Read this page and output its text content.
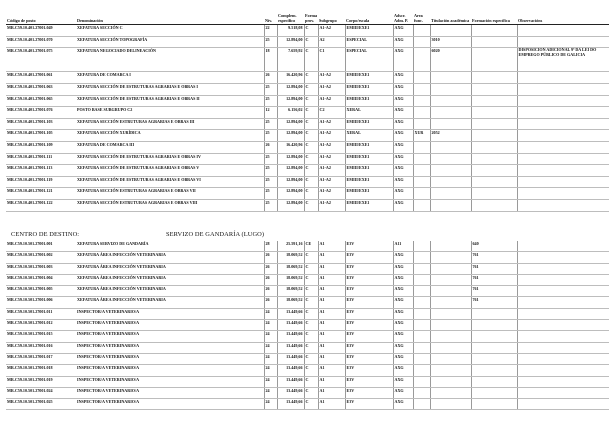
Código de posto	Denominación	Nív.	Complem. específico	Forma prov.	Subgrupo	Corpo/escala	Adscr. Adm. P.	Área func.	Titulación académica	Formación específica	Observacións
MR.C59.10.401.27001.049	XEFATURA SECCIÓN C	22	9.518,08	C	A1-A2	EMIII/EXE1	AXG				
MR.C59.10.401.27001.070	XEFATURA SECCIÓN TOPOGRAFÍA	25	12.894,00	C	A2	ESPECIAL	AXG		3010		
MR.C59.10.401.27001.075	XEFATURA NEGOCIADO DELINEACIÓN	18	7.659,92	C	C1	ESPECIAL	AXG		6020		DISPOSICIÓN ADICIONAL 9ª DA LEI DO EMPREGO PÚBLICO DE GALICIA
MR.C59.10.401.27001.061	XEFATURA DE COMARCA I	26	16.420,96	C	A1-A2	EMIII/EXE1	AXG				
MR.C59.10.401.27001.063	XEFATURA SECCIÓN DE ESTRUTURAS AGRARIAS E OBRAS I	25	12.894,00	C	A1-A2	EMIII/EXE1	AXG				
MR.C59.10.401.27001.065	XEFATURA SECCIÓN DE ESTRUTURAS AGRARIAS E OBRAS II	25	12.894,00	C	A1-A2	EMIII/EXE1	AXG				
MR.C59.10.401.27001.076	POSTO BASE SUBGRUPO C2	12	6.156,02	C	C2	XERAL	AXG				
MR.C59.10.401.27001.103	XEFATURA SECCIÓN ESTRUTURAS AGRARIAS E OBRAS III	25	12.894,00	C	A1-A2	EMIII/EXE1	AXG				
MR.C59.10.401.27001.105	XEFATURA SECCIÓN XURÍDICA	25	12.894,00	C	A1-A2	XERAL	AXG	XUR	2052		
MR.C59.10.401.27001.109	XEFATURA DE COMARCA III	26	16.420,96	C	A1-A2	EMIII/EXE1	AXG				
MR.C59.10.401.27001.111	XEFATURA SECCIÓN DE ESTRUTURAS AGRARIAS E OBRAS IV	25	12.894,00	C	A1-A2	EMIII/EXE1	AXG				
MR.C59.10.401.27001.113	XEFATURA SECCIÓN DE ESTRUTURAS AGRARIAS E OBRAS V	25	12.894,00	C	A1-A2	EMIII/EXE1	AXG				
MR.C59.10.401.27001.119	XEFATURA SECCIÓN DE ESTRUTURAS AGRARIAS E OBRAS VI	25	12.894,00	C	A1-A2	EMIII/EXE1	AXG				
MR.C59.10.401.27001.121	XEFATURA SECCIÓN ESTRUTURAS AGRARIAS E OBRAS VII	25	12.894,00	C	A1-A2	EMIII/EXE1	AXG				
MR.C59.10.401.27001.122	XEFATURA SECCIÓN ESTRUTURAS AGRARIAS E OBRAS VIII	25	12.894,00	C	A1-A2	EMIII/EXE1	AXG				
CENTRO DE DESTINO:	SERVIZO DE GANDARÍA (LUGO)
MR.C59.10.501.27001.001	XEFATURA SERVIZO DE GANDARÍA	28	25.591,16	CE	A1	E3V	A11			640	
MR.C59.10.501.27001.002	XEFATURA ÁREA INFECCIÓN VETERINARIA	26	18.069,52	C	A1	E3V	AXG			761	
MR.C59.10.501.27001.003	XEFATURA ÁREA INFECCIÓN VETERINARIA	26	18.069,52	C	A1	E3V	AXG			761	
MR.C59.10.501.27001.004	XEFATURA ÁREA INFECCIÓN VETERINARIA	26	18.069,52	C	A1	E3V	AXG			761	
MR.C59.10.501.27001.005	XEFATURA ÁREA INFECCIÓN VETERINARIA	26	18.069,52	C	A1	E3V	AXG			761	
MR.C59.10.501.27001.006	XEFATURA ÁREA INFECCIÓN VETERINARIA	26	18.069,52	C	A1	E3V	AXG			761	
MR.C59.10.501.27001.011	INSPECTOR/A VETERINARIO/A	24	13.449,66	C	A1	E3V	AXG				
MR.C59.10.501.27001.012	INSPECTOR/A VETERINARIO/A	24	13.449,66	C	A1	E3V	AXG				
MR.C59.10.501.27001.015	INSPECTOR/A VETERINARIO/A	24	13.449,66	C	A1	E3V	AXG				
MR.C59.10.501.27001.016	INSPECTOR/A VETERINARIO/A	24	13.449,66	C	A1	E3V	AXG				
MR.C59.10.501.27001.017	INSPECTOR/A VETERINARIO/A	24	13.449,66	C	A1	E3V	AXG				
MR.C59.10.501.27001.018	INSPECTOR/A VETERINARIO/A	24	13.449,66	C	A1	E3V	AXG				
MR.C59.10.501.27001.019	INSPECTOR/A VETERINARIO/A	24	13.449,66	C	A1	E3V	AXG				
MR.C59.10.501.27001.024	INSPECTOR/A VETERINARIO/A	24	13.449,66	C	A1	E3V	AXG				
MR.C59.10.501.27001.025	INSPECTOR/A VETERINARIO/A	24	13.449,66	C	A1	E3V	AXG				
